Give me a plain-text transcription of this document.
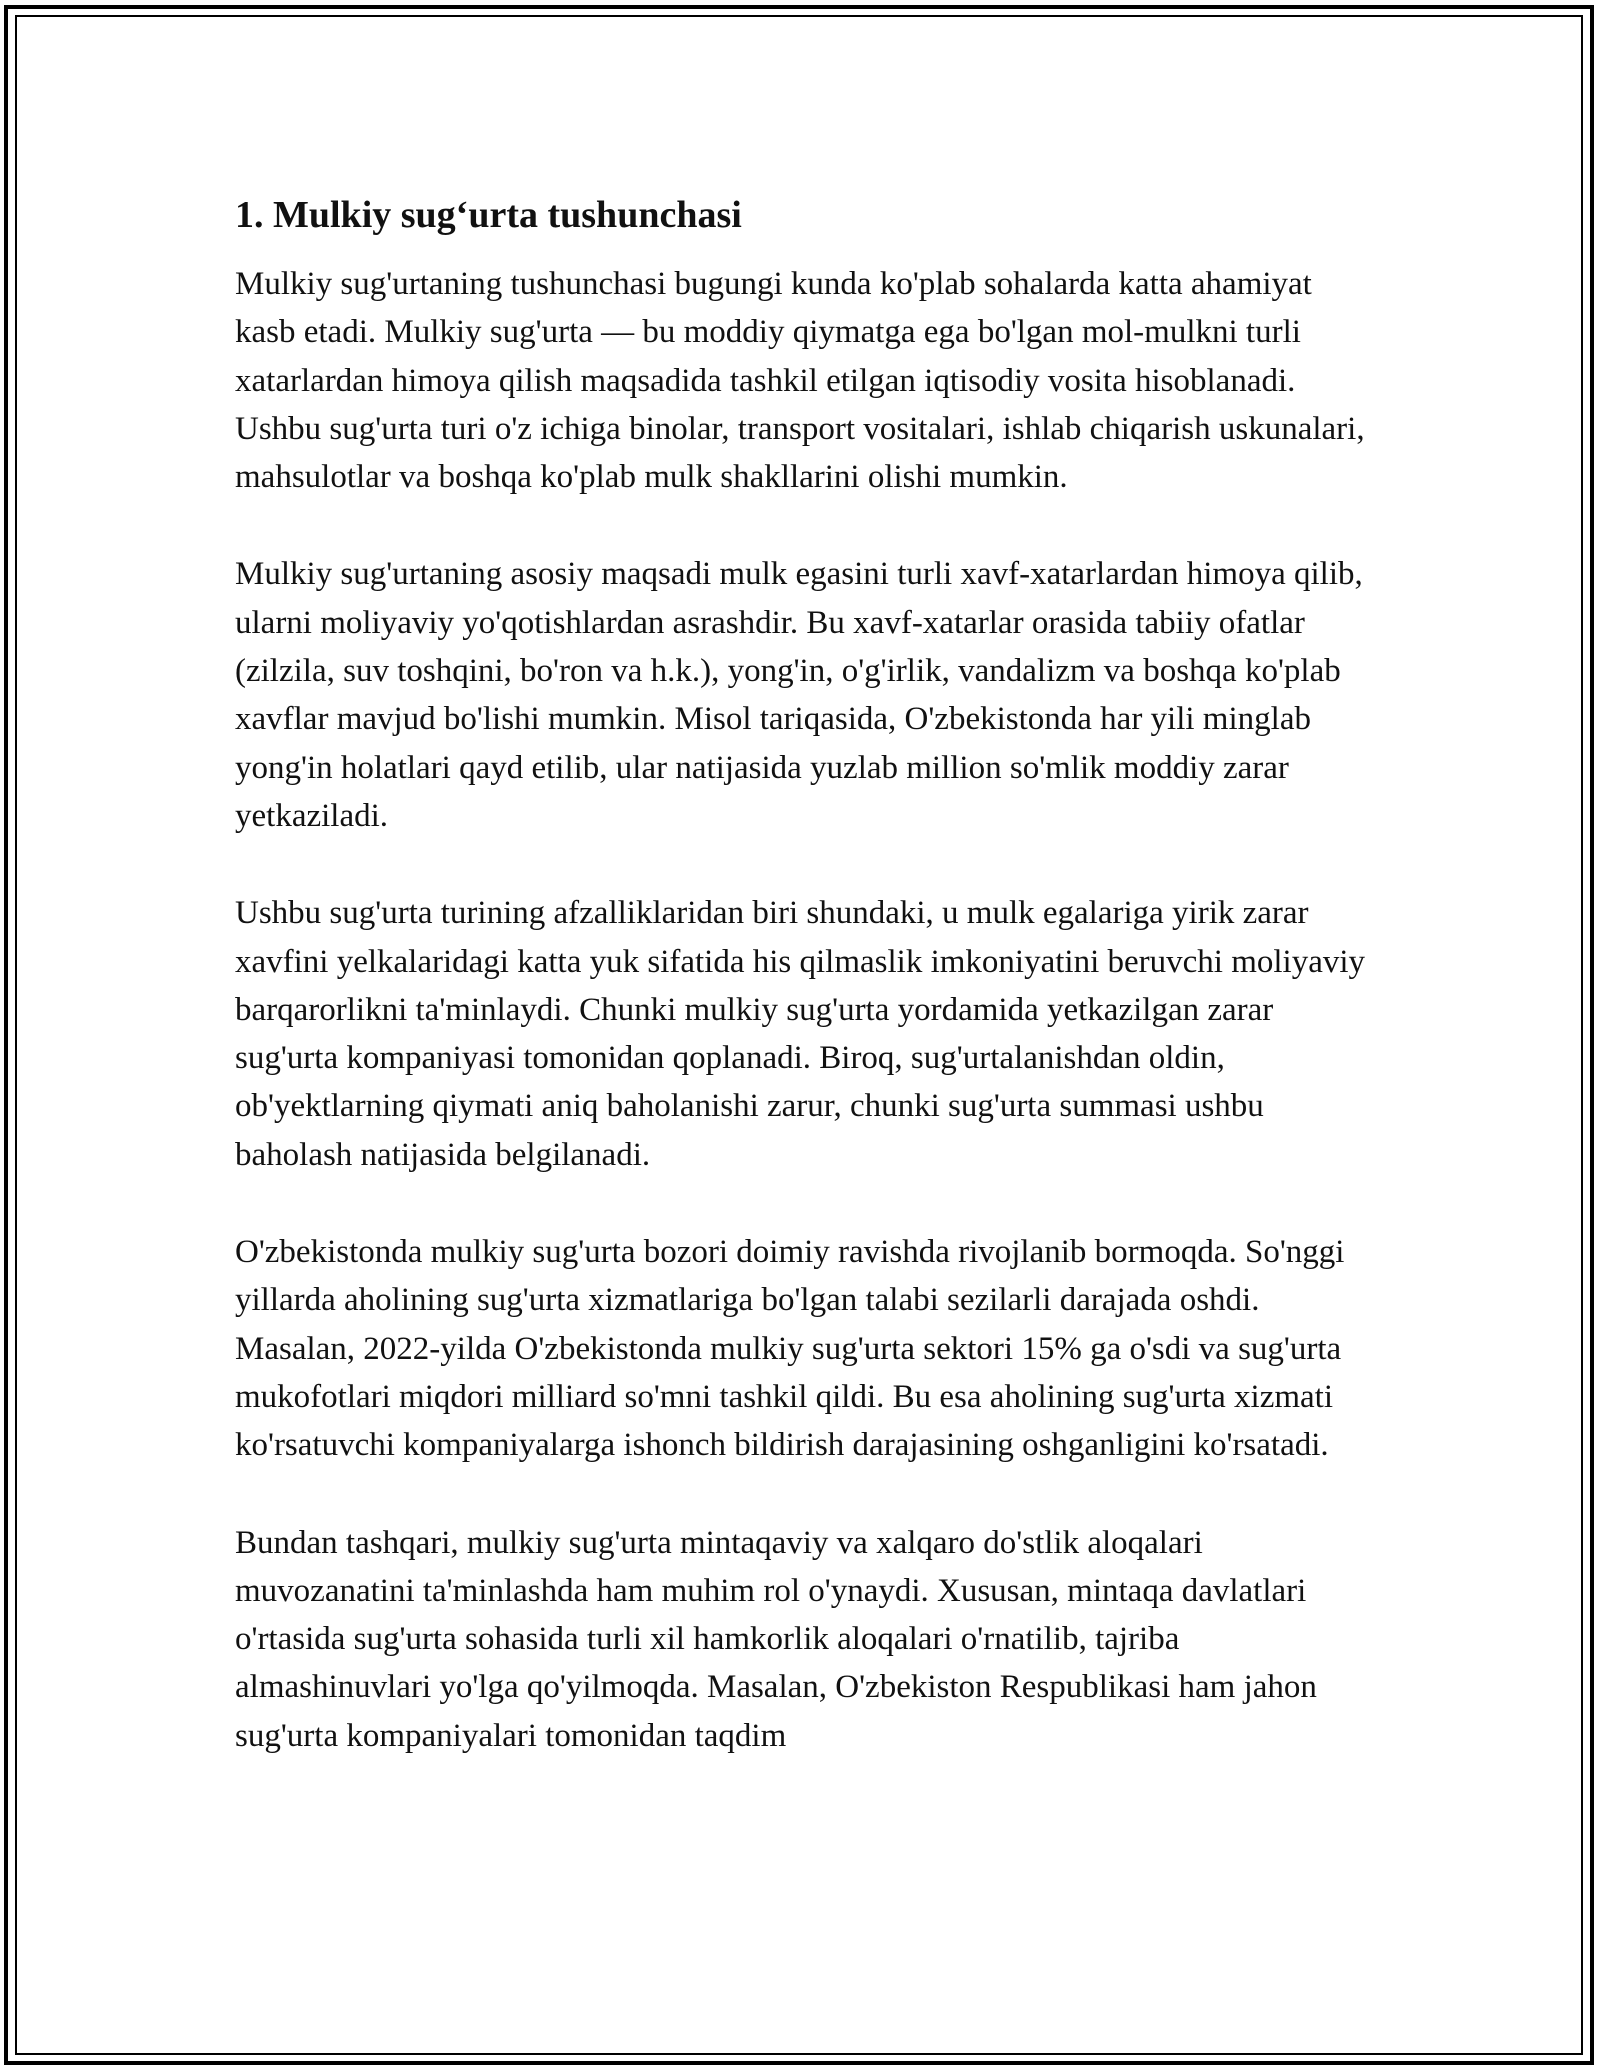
1. Mulkiy sug‘urta tushunchasi

Mulkiy sug'urtaning tushunchasi bugungi kunda ko'plab sohalarda katta ahamiyat kasb etadi. Mulkiy sug'urta — bu moddiy qiymatga ega bo'lgan mol-mulkni turli xatarlardan himoya qilish maqsadida tashkil etilgan iqtisodiy vosita hisoblanadi. Ushbu sug'urta turi o'z ichiga binolar, transport vositalari, ishlab chiqarish uskunalari, mahsulotlar va boshqa ko'plab mulk shakllarini olishi mumkin.

Mulkiy sug'urtaning asosiy maqsadi mulk egasini turli xavf-xatarlardan himoya qilib, ularni moliyaviy yo'qotishlardan asrashdir. Bu xavf-xatarlar orasida tabiiy ofatlar (zilzila, suv toshqini, bo'ron va h.k.), yong'in, o'g'irlik, vandalizm va boshqa ko'plab xavflar mavjud bo'lishi mumkin. Misol tariqasida, O'zbekistonda har yili minglab yong'in holatlari qayd etilib, ular natijasida yuzlab million so'mlik moddiy zarar yetkaziladi.

Ushbu sug'urta turining afzalliklaridan biri shundaki, u mulk egalariga yirik zarar xavfini yelkalaridagi katta yuk sifatida his qilmaslik imkoniyatini beruvchi moliyaviy barqarorlikni ta'minlaydi. Chunki mulkiy sug'urta yordamida yetkazilgan zarar sug'urta kompaniyasi tomonidan qoplanadi. Biroq, sug'urtalanishdan oldin, ob'yektlarning qiymati aniq baholanishi zarur, chunki sug'urta summasi ushbu baholash natijasida belgilanadi.

O'zbekistonda mulkiy sug'urta bozori doimiy ravishda rivojlanib bormoqda. So'nggi yillarda aholining sug'urta xizmatlariga bo'lgan talabi sezilarli darajada oshdi. Masalan, 2022-yilda O'zbekistonda mulkiy sug'urta sektori 15% ga o'sdi va sug'urta mukofotlari miqdori milliard so'mni tashkil qildi. Bu esa aholining sug'urta xizmati ko'rsatuvchi kompaniyalarga ishonch bildirish darajasining oshganligini ko'rsatadi.

Bundan tashqari, mulkiy sug'urta mintaqaviy va xalqaro do'stlik aloqalari muvozanatini ta'minlashda ham muhim rol o'ynaydi. Xususan, mintaqa davlatlari o'rtasida sug'urta sohasida turli xil hamkorlik aloqalari o'rnatilib, tajriba almashinuvlari yo'lga qo'yilmoqda. Masalan, O'zbekiston Respublikasi ham jahon sug'urta kompaniyalari tomonidan taqdim
